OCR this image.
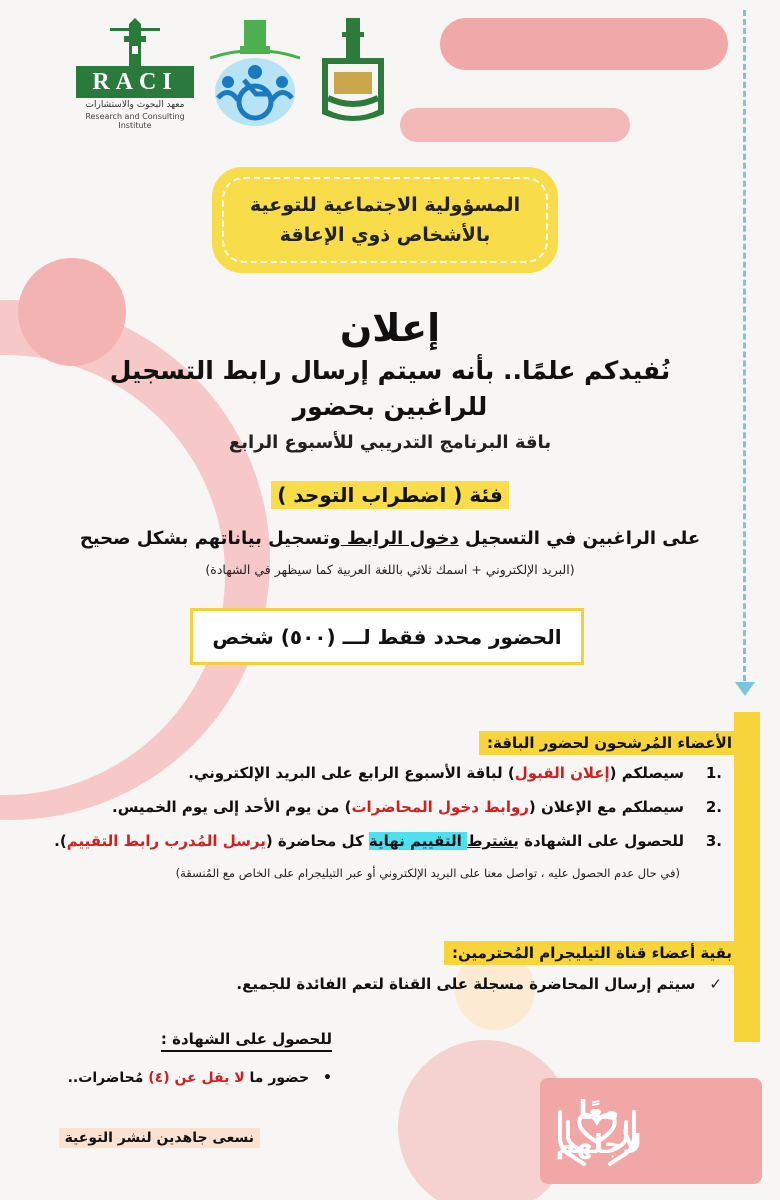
RACI
معهد البحوث والاستشارات
Research and Consulting Institute
المسؤولية الاجتماعية للتوعية
بالأشخاص ذوي الإعاقة
إعلان
نُفيدكم علمًا.. بأنه سيتم إرسال رابط التسجيل
للراغبين بحضور
باقة البرنامج التدريبي للأسبوع الرابع
فئة ( اضطراب التوحد )
على الراغبين في التسجيل دخول الرابط وتسجيل بياناتهم بشكل صحيح
(البريد الإلكتروني + اسمك ثلاثي باللغة العربية كما سيظهر في الشهادة)
الحضور محدد فقط لـــ (٥٠٠) شخص
الأعضاء المُرشحون لحضور الباقة:
.1سيصلكم (إعلان القبول) لباقة الأسبوع الرابع على البريد الإلكتروني.
.2سيصلكم مع الإعلان (روابط دخول المحاضرات) من يوم الأحد إلى يوم الخميس.
.3للحصول على الشهادة يشترط التقييم نهاية كل محاضرة (يرسل المُدرب رابط التقييم).
(في حال عدم الحصول عليه ، تواصل معنا على البريد الإلكتروني أو عبر التيليجرام على الخاص مع المُنسقة)
بقية أعضاء قناة التيليجرام المُحترمين:
✓سيتم إرسال المحاضرة مسجلة على القناة لتعم الفائدة للجميع.
للحصول على الشهادة :
•حضور ما لا يقل عن (٤) مُحاضرات..
نسعى جاهدين لنشر التوعية
معًا
لأجلهم
